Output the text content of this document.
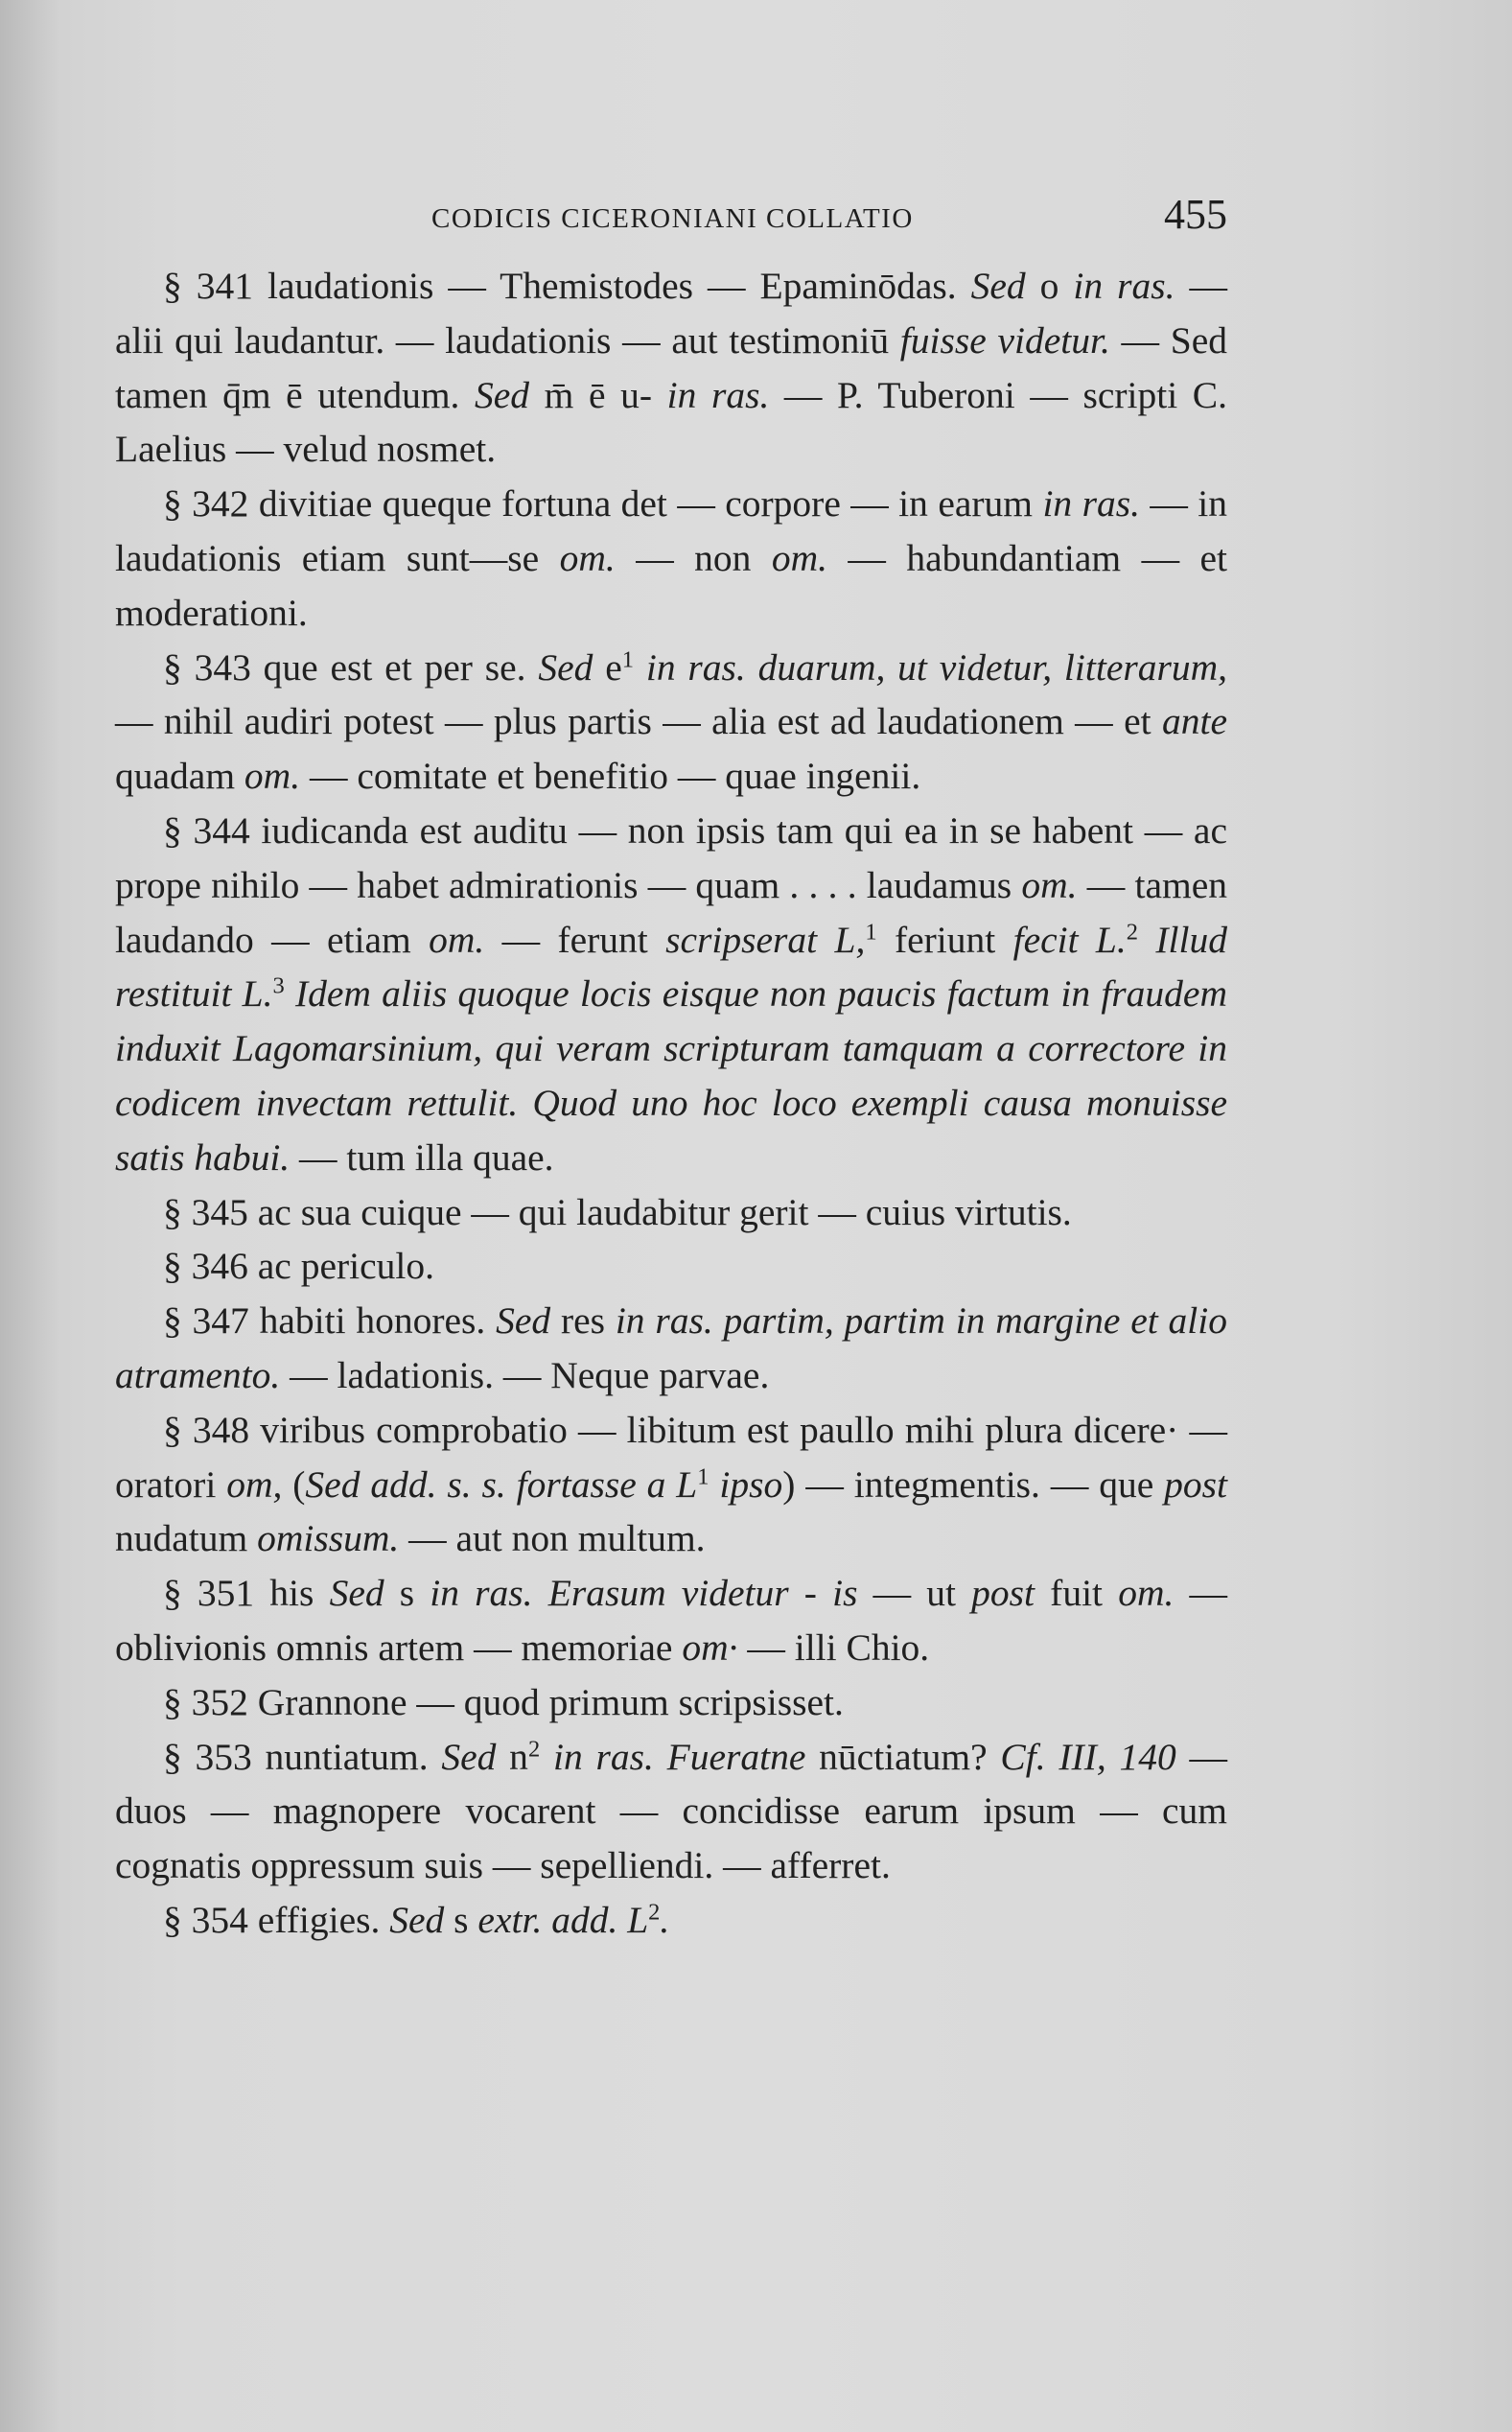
CODICIS CICERONIANI COLLATIO	455

§ 341 laudationis — Themistodes — Epaminōdas. Sed o in ras. — alii qui laudantur. — laudationis — aut testimoniū fuisse videtur. — Sed tamen q̄m ē utendum. Sed m̄ ē u- in ras. — P. Tuberoni — scripti C. Laelius — velud nosmet.

§ 342 divitiae queque fortuna det — corpore — in earum in ras. — in laudationis etiam sunt—se om. — non om. — habundantiam — et moderationi.

§ 343 que est et per se. Sed $e^1$ in ras. duarum, ut videtur, litterarum, — nihil audiri potest — plus partis — alia est ad laudationem — et ante quadam om. — comitate et benefitio — quae ingenii.

§ 344 iudicanda est auditu — non ipsis tam qui ea in se habent — ac prope nihilo — habet admirationis — quam . . . . laudamus om. — tamen laudando — etiam om. — ferunt scripserat L,$^1$ feriunt fecit L.$^2$ Illud restituit L.$^3$ Idem aliis quoque locis eisque non paucis factum in fraudem induxit Lagomarsinium, qui veram scripturam tamquam a correctore in codicem invectam rettulit. Quod uno hoc loco exempli causa monuisse satis habui. — tum illa quae.

§ 345 ac sua cuique — qui laudabitur gerit — cuius virtutis.

§ 346 ac periculo.

§ 347 habiti honores. Sed res in ras. partim, partim in margine et alio atramento. — ladationis. — Neque parvae.

§ 348 viribus comprobatio — libitum est paullo mihi plura dicere· — oratori om, (Sed add. s. s. fortasse a $L^1$ ipso) — integmentis. — que post nudatum omissum. — aut non multum.

§ 351 his Sed s in ras. Erasum videtur - is — ut post fuit om. — oblivionis omnis artem — memoriae om· — illi Chio.

§ 352 Grannone — quod primum scripsisset.

§ 353 nuntiatum. Sed $n^2$ in ras. Fueratne nūctiatum? Cf. III, 140 — duos — magnopere vocarent — concidisse earum ipsum — cum cognatis oppressum suis — sepelliendi. — afferret.

§ 354 effigies. Sed s extr. add. $L^2$.
